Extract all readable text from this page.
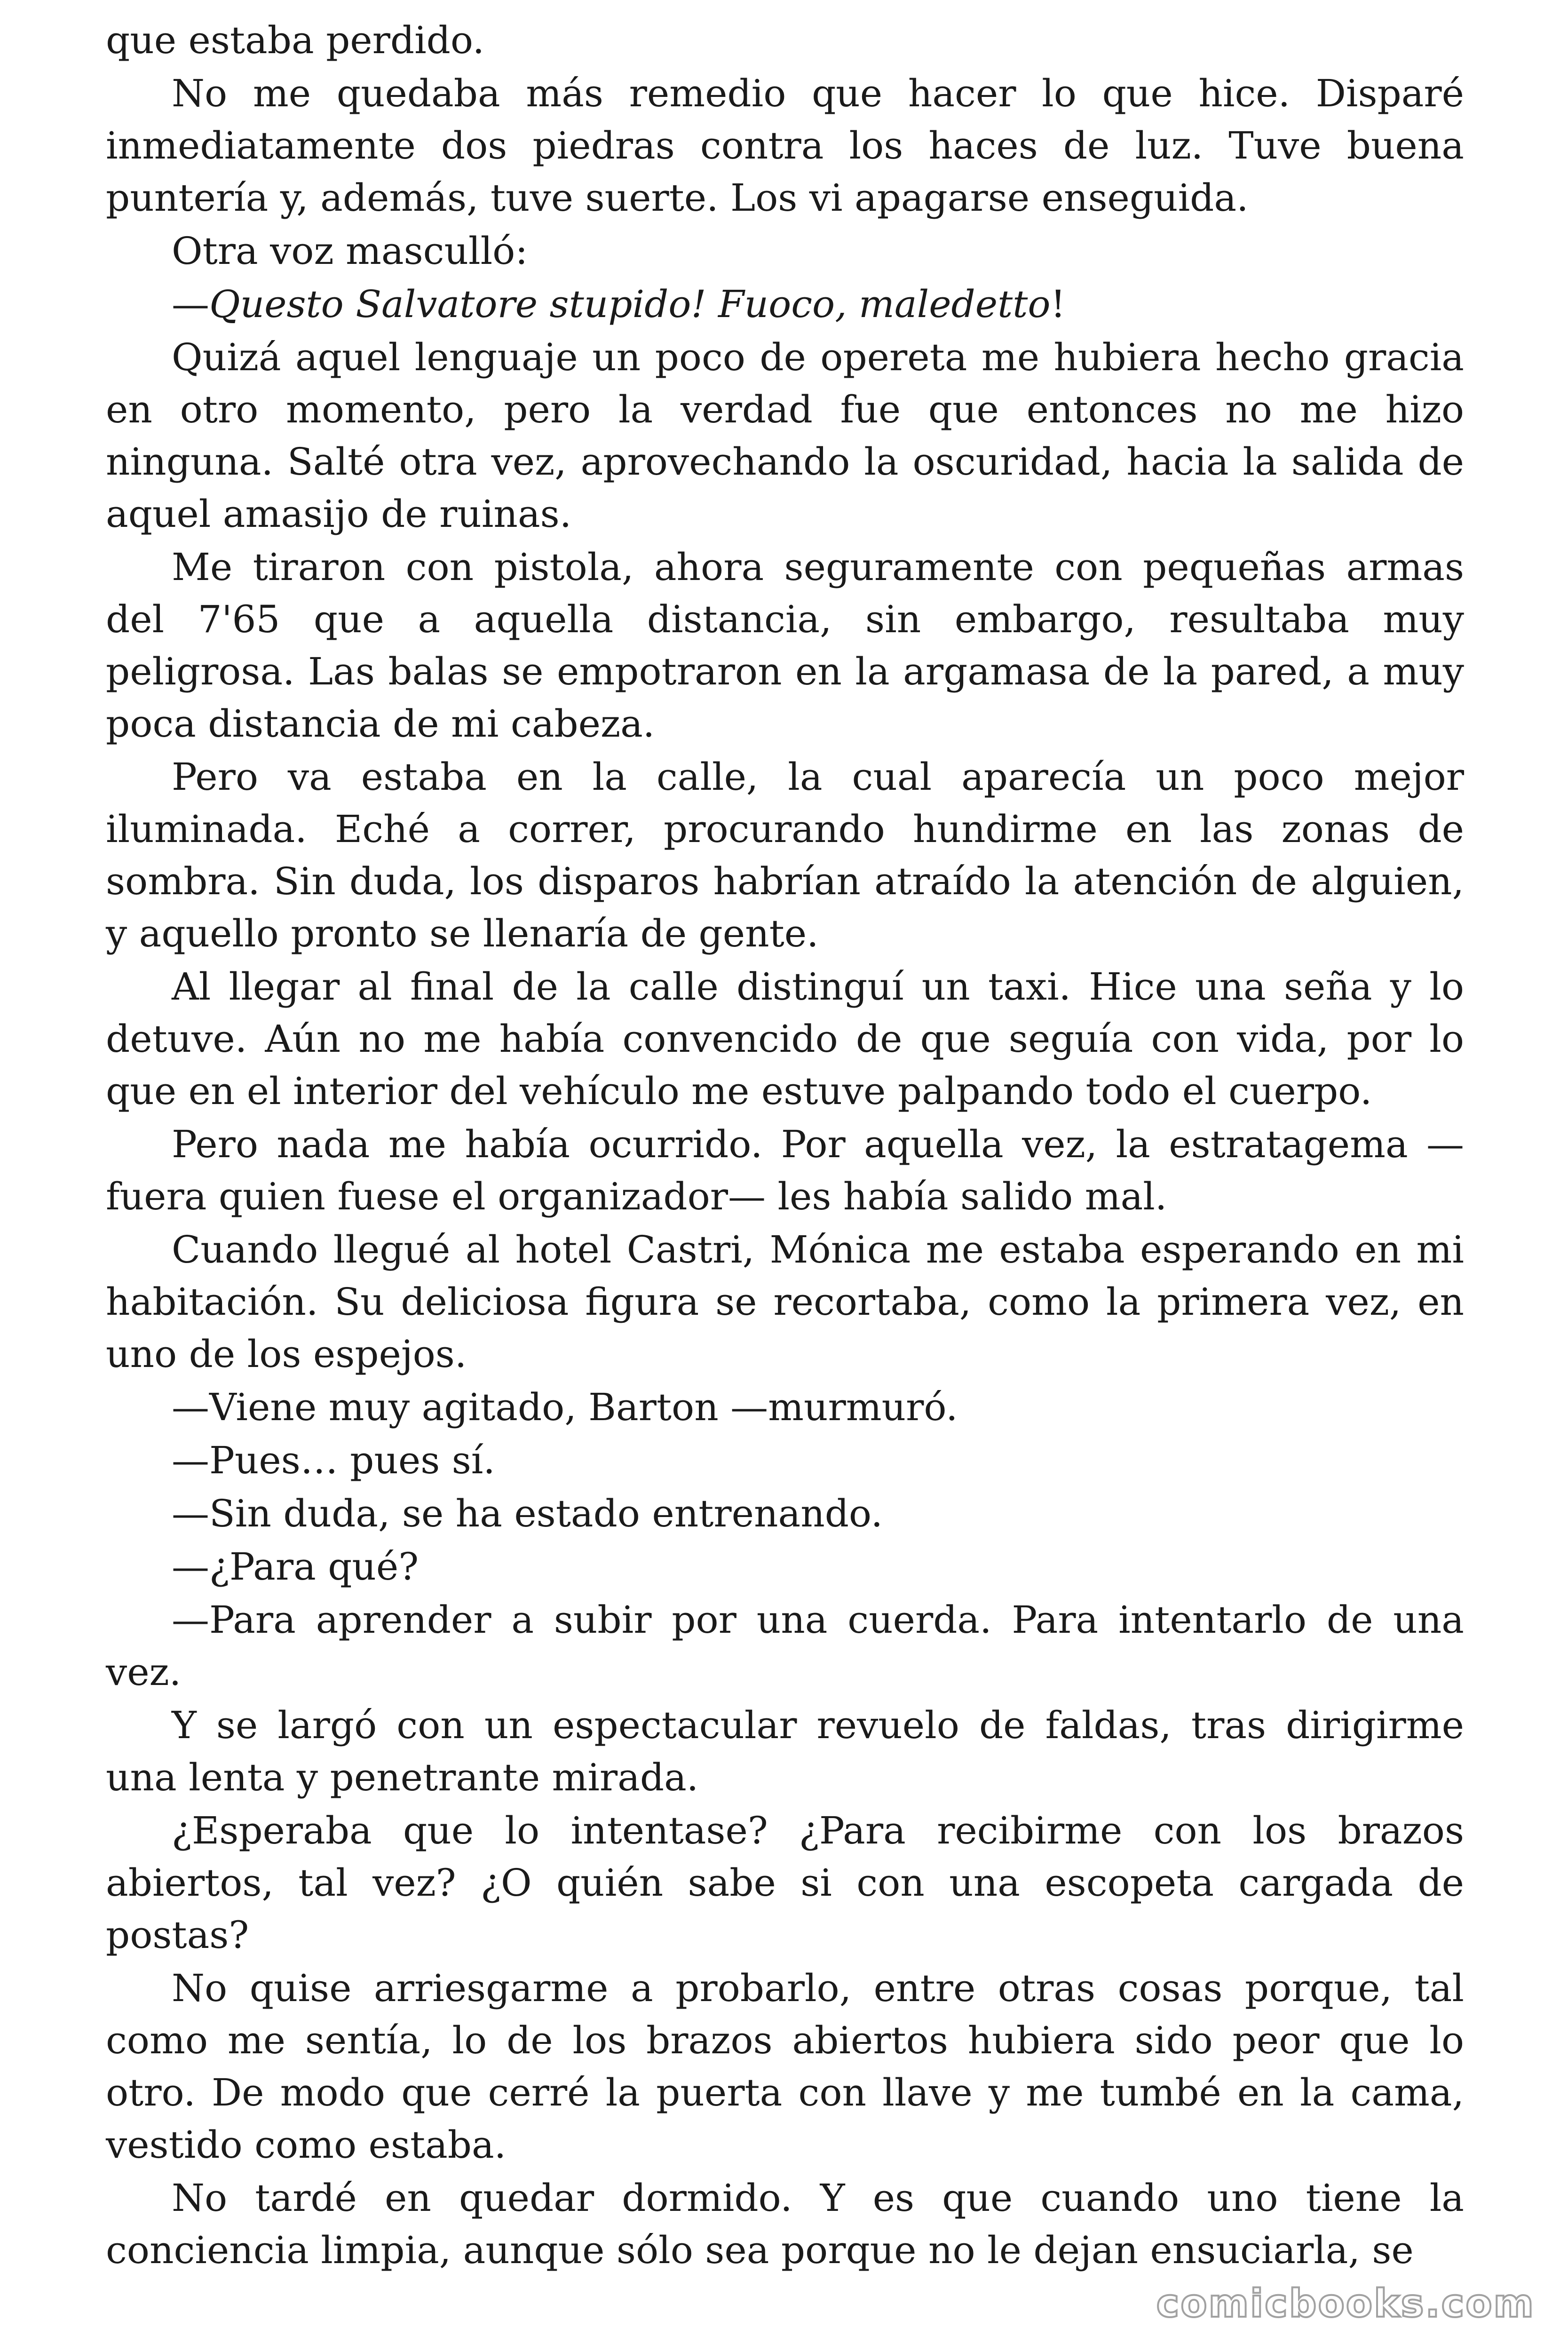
que estaba perdido.

No me quedaba más remedio que hacer lo que hice. Disparé inmediatamente dos piedras contra los haces de luz. Tuve buena puntería y, además, tuve suerte. Los vi apagarse enseguida.

Otra voz masculló:

—Questo Salvatore stupido! Fuoco, maledetto!

Quizá aquel lenguaje un poco de opereta me hubiera hecho gracia en otro momento, pero la verdad fue que entonces no me hizo ninguna. Salté otra vez, aprovechando la oscuridad, hacia la salida de aquel amasijo de ruinas.

Me tiraron con pistola, ahora seguramente con pequeñas armas del 7'65 que a aquella distancia, sin embargo, resultaba muy peligrosa. Las balas se empotraron en la argamasa de la pared, a muy poca distancia de mi cabeza.

Pero va estaba en la calle, la cual aparecía un poco mejor iluminada. Eché a correr, procurando hundirme en las zonas de sombra. Sin duda, los disparos habrían atraído la atención de alguien, y aquello pronto se llenaría de gente.

Al llegar al final de la calle distinguí un taxi. Hice una seña y lo detuve. Aún no me había convencido de que seguía con vida, por lo que en el interior del vehículo me estuve palpando todo el cuerpo.

Pero nada me había ocurrido. Por aquella vez, la estratagema —fuera quien fuese el organizador— les había salido mal.

Cuando llegué al hotel Castri, Mónica me estaba esperando en mi habitación. Su deliciosa figura se recortaba, como la primera vez, en uno de los espejos.

—Viene muy agitado, Barton —murmuró.

—Pues… pues sí.

—Sin duda, se ha estado entrenando.

—¿Para qué?

—Para aprender a subir por una cuerda. Para intentarlo de una vez.

Y se largó con un espectacular revuelo de faldas, tras dirigirme una lenta y penetrante mirada.

¿Esperaba que lo intentase? ¿Para recibirme con los brazos abiertos, tal vez? ¿O quién sabe si con una escopeta cargada de postas?

No quise arriesgarme a probarlo, entre otras cosas porque, tal como me sentía, lo de los brazos abiertos hubiera sido peor que lo otro. De modo que cerré la puerta con llave y me tumbé en la cama, vestido como estaba.

No tardé en quedar dormido. Y es que cuando uno tiene la conciencia limpia, aunque sólo sea porque no le dejan ensuciarla, se

comicbooks.com
